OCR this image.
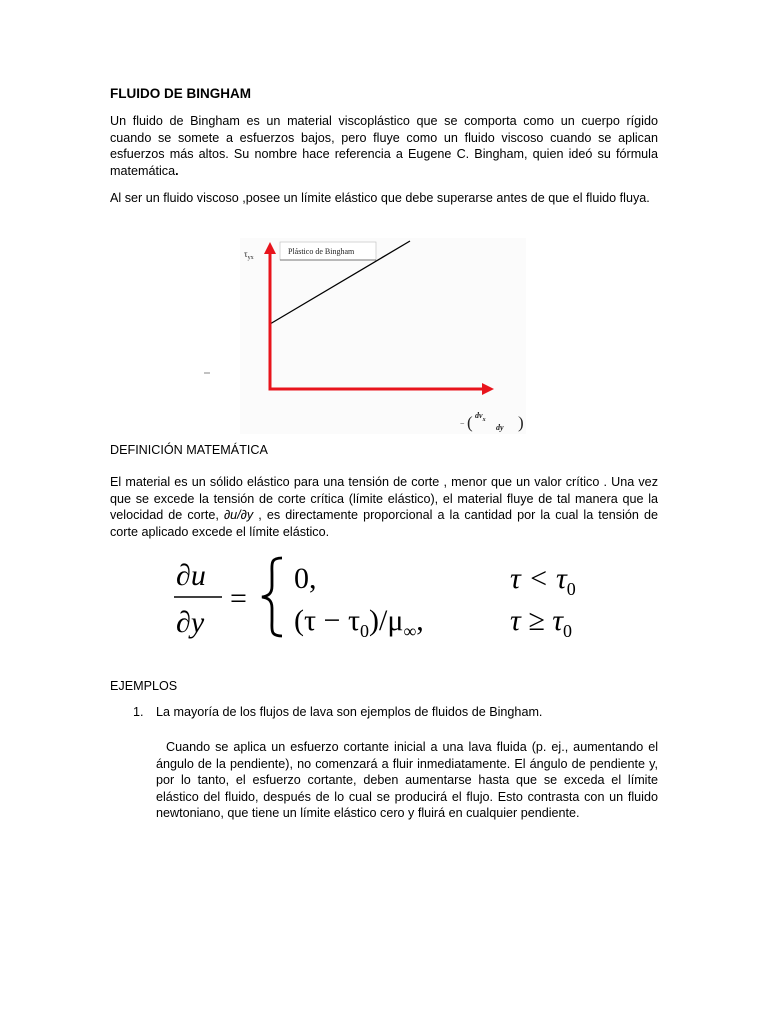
FLUIDO DE BINGHAM
Un fluido de Bingham es un material viscoplástico que se comporta como un cuerpo rígido cuando se somete a esfuerzos bajos, pero fluye como un fluido viscoso cuando se aplican esfuerzos más altos. Su nombre hace referencia a Eugene C. Bingham, quien ideó su fórmula matemática.
Al ser un fluido viscoso ,posee un límite elástico que debe superarse antes de que el fluido fluya.
Plástico de Bingham
$\tau_{yx}$
− ( $dv_x$
dy )
DEFINICIÓN MATEMÁTICA
El material es un sólido elástico para una tensión de corte , menor que un valor crítico . Una vez que se excede la tensión de corte crítica (límite elástico), el material fluye de tal manera que la velocidad de corte, ∂u/∂y , es directamente proporcional a la cantidad por la cual la tensión de corte aplicado excede el límite elástico.
∂u
∂y
=
0,	$\tau < \tau_0$
$(\tau - \tau_0)/\mu_\infty$,	$\tau \ge \tau_0$
EJEMPLOS
1. La mayoría de los flujos de lava son ejemplos de fluidos de Bingham.
Cuando se aplica un esfuerzo cortante inicial a una lava fluida (p. ej., aumentando el ángulo de la pendiente), no comenzará a fluir inmediatamente. El ángulo de pendiente y, por lo tanto, el esfuerzo cortante, deben aumentarse hasta que se exceda el límite elástico del fluido, después de lo cual se producirá el flujo. Esto contrasta con un fluido newtoniano, que tiene un límite elástico cero y fluirá en cualquier pendiente.
